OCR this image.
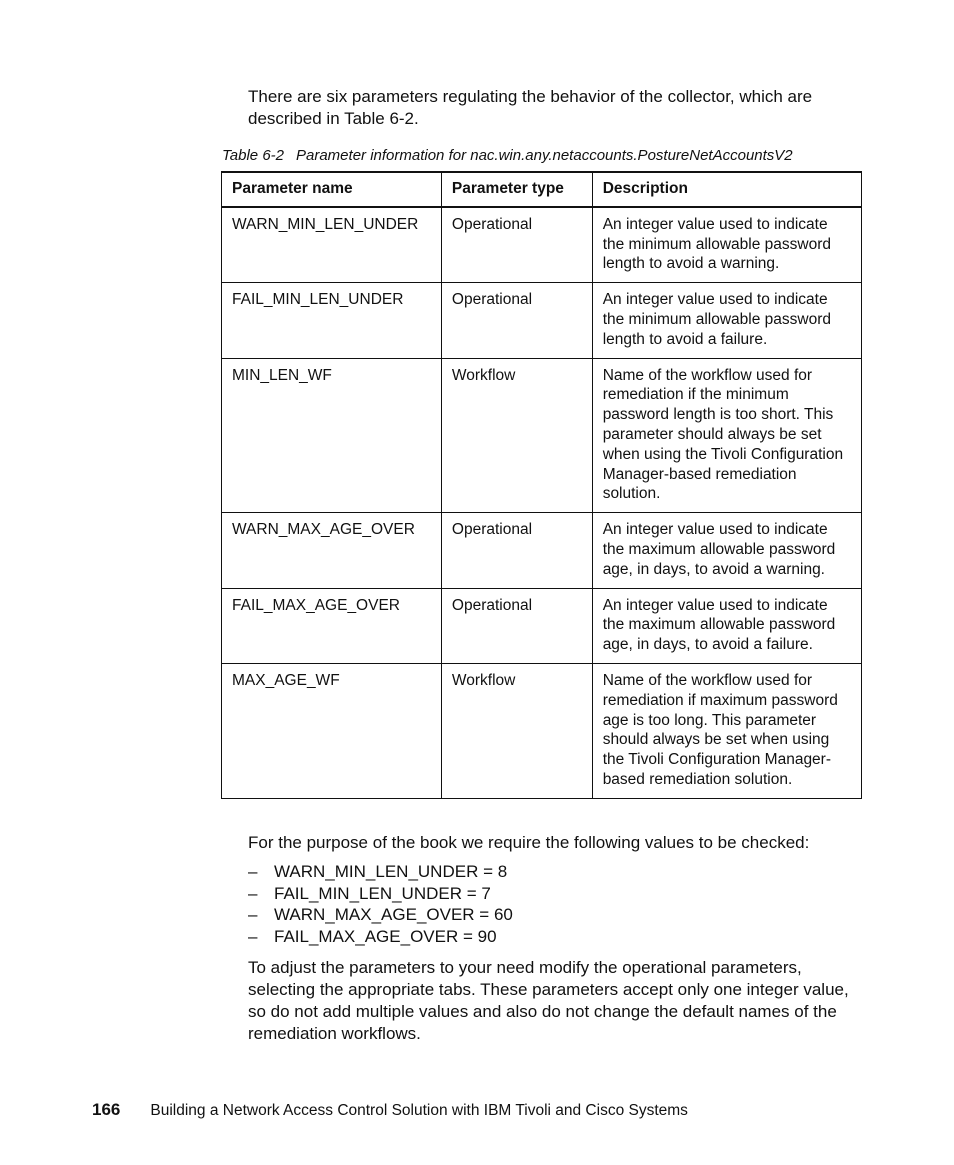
There are six parameters regulating the behavior of the collector, which are described in Table 6-2.

Table 6-2 Parameter information for nac.win.any.netaccounts.PostureNetAccountsV2
Parameter name	Parameter type	Description
WARN_MIN_LEN_UNDER	Operational	An integer value used to indicate the minimum allowable password length to avoid a warning.
FAIL_MIN_LEN_UNDER	Operational	An integer value used to indicate the minimum allowable password length to avoid a failure.
MIN_LEN_WF	Workflow	Name of the workflow used for remediation if the minimum password length is too short. This parameter should always be set when using the Tivoli Configuration Manager-based remediation solution.
WARN_MAX_AGE_OVER	Operational	An integer value used to indicate the maximum allowable password age, in days, to avoid a warning.
FAIL_MAX_AGE_OVER	Operational	An integer value used to indicate the maximum allowable password age, in days, to avoid a failure.
MAX_AGE_WF	Workflow	Name of the workflow used for remediation if maximum password age is too long. This parameter should always be set when using the Tivoli Configuration Manager-based remediation solution.

For the purpose of the book we require the following values to be checked:

– WARN_MIN_LEN_UNDER = 8
– FAIL_MIN_LEN_UNDER = 7
– WARN_MAX_AGE_OVER = 60
– FAIL_MAX_AGE_OVER = 90

To adjust the parameters to your need modify the operational parameters, selecting the appropriate tabs. These parameters accept only one integer value, so do not add multiple values and also do not change the default names of the remediation workflows.

166 Building a Network Access Control Solution with IBM Tivoli and Cisco Systems
